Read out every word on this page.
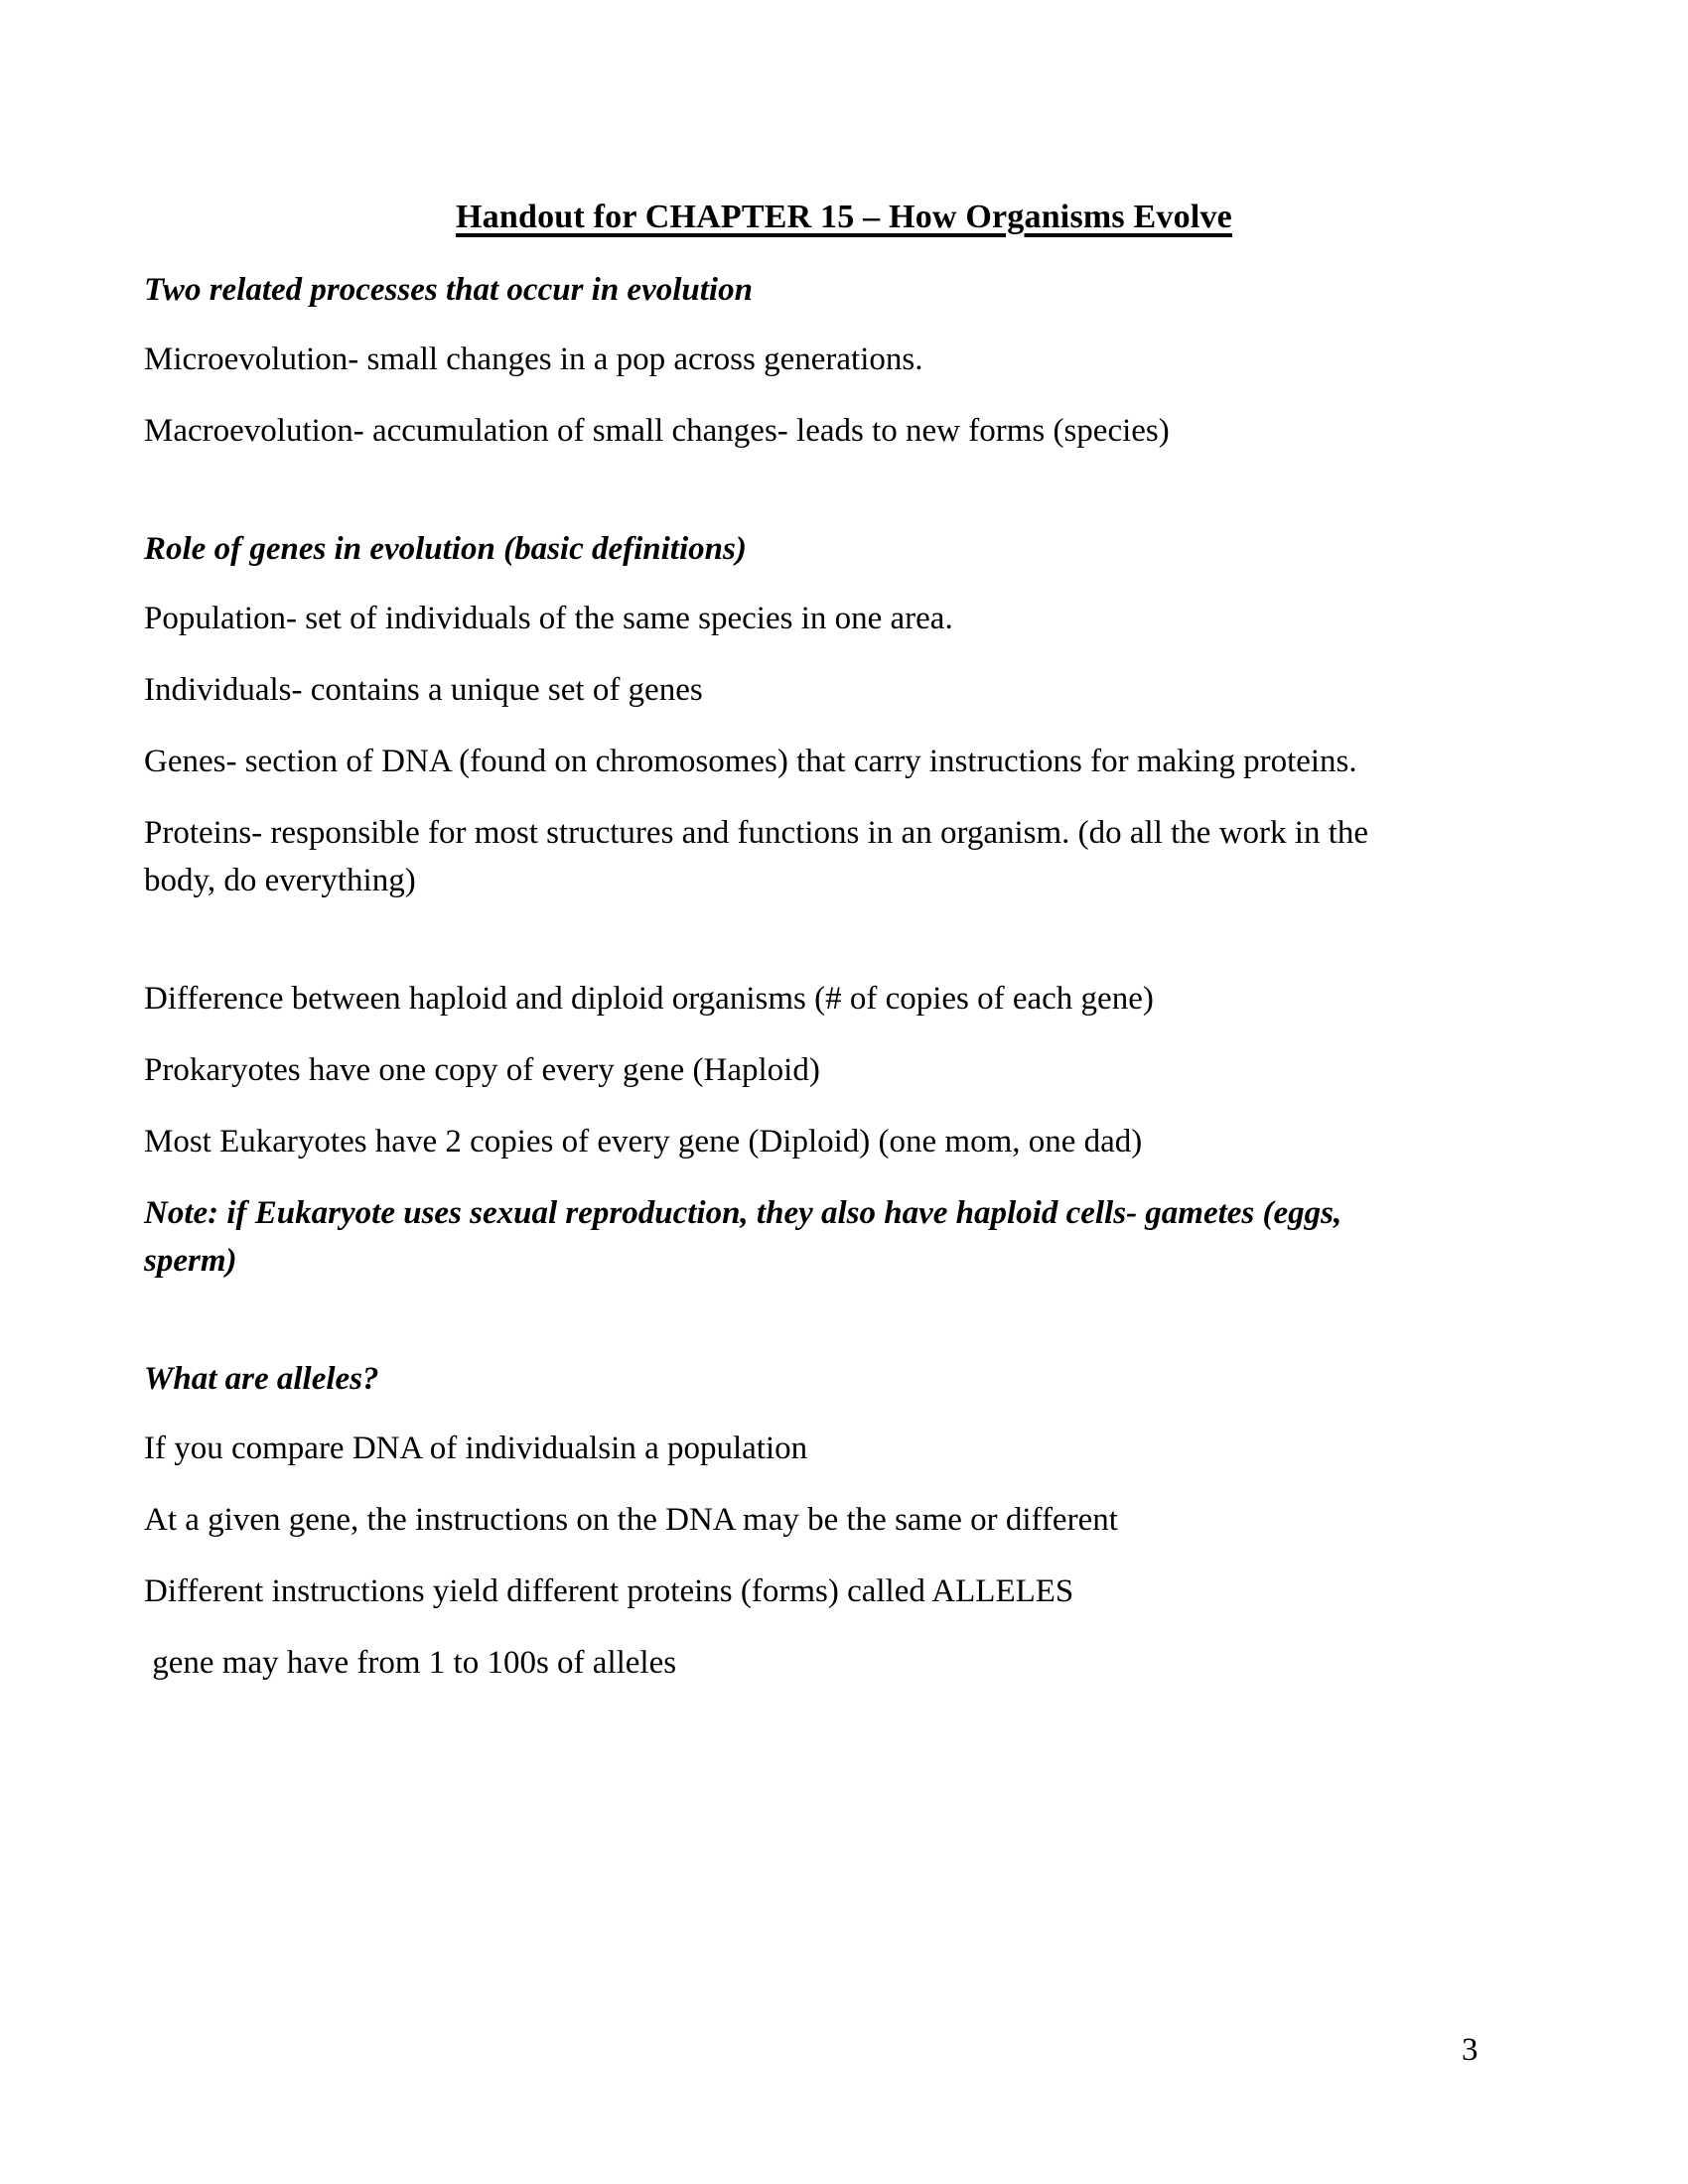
Handout for CHAPTER 15 – How Organisms Evolve
Two related processes that occur in evolution

Microevolution- small changes in a pop across generations.

Macroevolution- accumulation of small changes- leads to new forms (species)

Role of genes in evolution (basic definitions)

Population- set of individuals of the same species in one area.

Individuals- contains a unique set of genes

Genes- section of DNA (found on chromosomes) that carry instructions for making proteins.

Proteins- responsible for most structures and functions in an organism. (do all the work in the
body, do everything)

Difference between haploid and diploid organisms (# of copies of each gene)

Prokaryotes have one copy of every gene (Haploid)

Most Eukaryotes have 2 copies of every gene (Diploid) (one mom, one dad)

Note: if Eukaryote uses sexual reproduction, they also have haploid cells- gametes (eggs,
sperm)

What are alleles?

If you compare DNA of individualsin a population

At a given gene, the instructions on the DNA may be the same or different

Different instructions yield different proteins (forms) called ALLELES

gene may have from 1 to 100s of alleles

3
